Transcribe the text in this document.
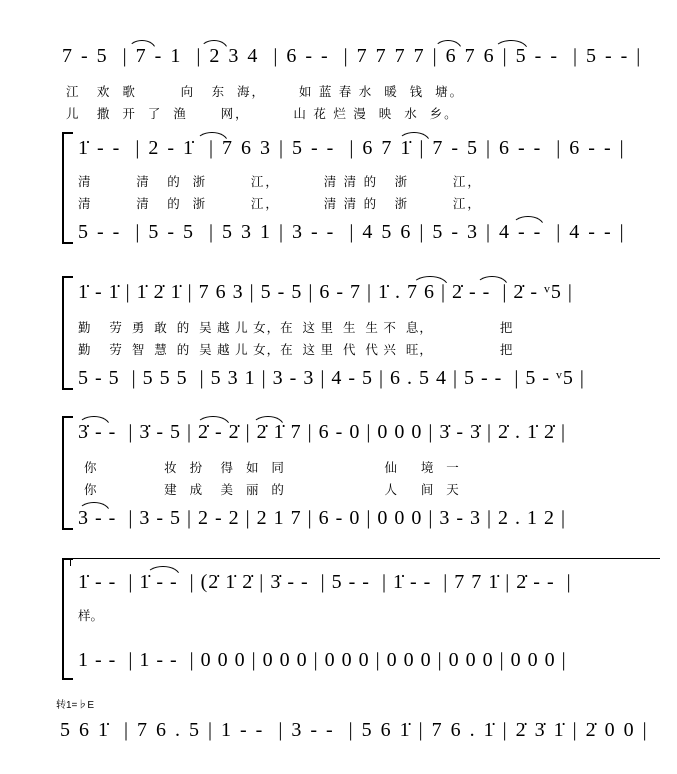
7 - 5  | 7 - 1  | 2 3 4  | 6 - -  | 7 7 7 7 | 6 7 6 | 5 - -  | 5 - - |
江   欢  歌        向   东  海，      如 蓝 春 水  暖  钱  塘。
儿   撒  开  了  渔      网，        山 花 烂 漫  映  水  乡。
1̇ - -  | 2 - 1̇  | 7 6 3 | 5 - -  | 6 7 1̇ | 7 - 5 | 6 - -  | 6 - - |
清        清   的  浙        江，        清 清 的   浙        江，
清        清   的  浙        江，        清 清 的   浙        江，
5 - -  | 5 - 5  | 5 3 1 | 3 - -  | 4 5 6 | 5 - 3 | 4 - -  | 4 - - |
1̇ - 1̇ | 1̇ 2̇ 1̇ | 7 6 3 | 5 - 5 | 6 - 7 | 1̇ . 7 6 | 2̇ - -  | 2̇ - ᵛ5 |
勤    劳  勇  敢  的  吴 越 儿 女，在  这 里  生  生 不  息，               把
勤    劳  智  慧  的  吴 越 儿 女，在  这 里  代  代 兴  旺，               把
5 - 5  | 5 5 5  | 5 3 1 | 3 - 3 | 4 - 5 | 6 . 5 4 | 5 - -  | 5 - ᵛ5 |
3̇ - -  | 3̇ - 5 | 2̇ - 2̇ | 2̇ 1̇ 7 | 6 - 0 | 0 0 0 | 3̇ - 3̇ | 2̇ . 1̇ 2̇ |
你            妆  扮   得  如  同                  仙    境  一
你            建  成   美  丽  的                  人    间  天
3 - -  | 3 - 5 | 2 - 2 | 2 1 7 | 6 - 0 | 0 0 0 | 3 - 3 | 2 . 1 2 |
1̇ - -  | 1̇ - -  | (2̇ 1̇ 2̇ | 3̇ - -  | 5 - -  | 1̇ - -  | 7 7 1̇ | 2̇ - -  |
样。
1 - -  | 1 - -  | 0 0 0 | 0 0 0 | 0 0 0 | 0 0 0 | 0 0 0 | 0 0 0 |
转1=♭E
5 6 1̇  | 7 6 . 5 | 1 - -  | 3 - -  | 5 6 1̇ | 7 6 . 1̇ | 2̇ 3̇ 1̇ | 2̇ 0 0 |
